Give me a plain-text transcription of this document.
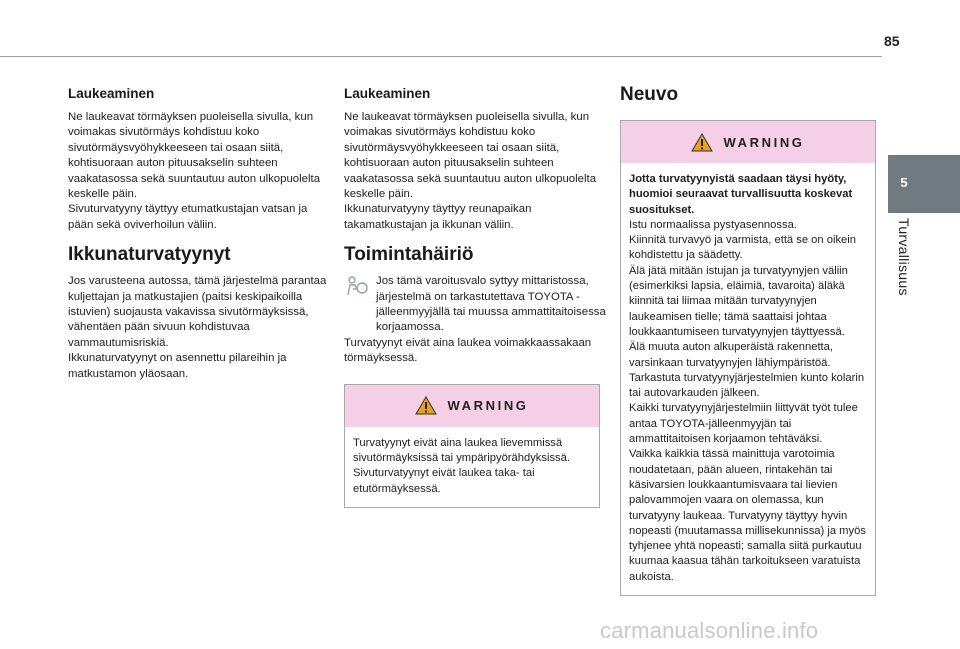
85
5
Turvallisuus
Laukeaminen

Ne laukeavat törmäyksen puoleisella sivulla, kun voimakas sivutörmäys kohdistuu koko sivutörmäysvyöhykkeeseen tai osaan siitä, kohtisuoraan auton pituusakselin suhteen vaakatasossa sekä suuntautuu auton ulkopuolelta keskelle päin.

Sivuturvatyyny täyttyy etumatkustajan vatsan ja pään sekä oviverhoilun väliin.

Ikkunaturvatyynyt

Jos varusteena autossa, tämä järjestelmä parantaa kuljettajan ja matkustajien (paitsi keskipaikoilla istuvien) suojausta vakavissa sivutörmäyksissä, vähentäen pään sivuun kohdistuvaa vammautumisriskiä.

Ikkunaturvatyynyt on asennettu pilareihin ja matkustamon yläosaan.

Laukeaminen

Ne laukeavat törmäyksen puoleisella sivulla, kun voimakas sivutörmäys kohdistuu koko sivutörmäysvyöhykkeeseen tai osaan siitä, kohtisuoraan auton pituusakselin suhteen vaakatasossa sekä suuntautuu auton ulkopuolelta keskelle päin.

Ikkunaturvatyyny täyttyy reunapaikan takamatkustajan ja ikkunan väliin.

Toimintahäiriö

Jos tämä varoitusvalo syttyy mittaristossa, järjestelmä on tarkastutettava TOYOTA -jälleenmyyjällä tai muussa ammattitaitoisessa korjaamossa.

Turvatyynyt eivät aina laukea voimakkaassakaan törmäyksessä.

WARNING

Turvatyynyt eivät aina laukea lievemmissä sivutörmäyksissä tai ympäripyörähdyksissä.

Sivuturvatyynyt eivät laukea taka- tai etutörmäyksessä.

Neuvo
WARNING

Jotta turvatyynyistä saadaan täysi hyöty, huomioi seuraavat turvallisuutta koskevat suositukset.

Istu normaalissa pystyasennossa.

Kiinnitä turvavyö ja varmista, että se on oikein kohdistettu ja säädetty.

Älä jätä mitään istujan ja turvatyynyjen väliin (esimerkiksi lapsia, eläimiä, tavaroita) äläkä kiinnitä tai liimaa mitään turvatyynyjen laukeamisen tielle; tämä saattaisi johtaa loukkaantumiseen turvatyynyjen täyttyessä.

Älä muuta auton alkuperäistä rakennetta, varsinkaan turvatyynyjen lähiympäristöä.

Tarkastuta turvatyynyjärjestelmien kunto kolarin tai autovarkauden jälkeen.

Kaikki turvatyynyjärjestelmiin liittyvät työt tulee antaa TOYOTA-jälleenmyyjän tai ammattitaitoisen korjaamon tehtäväksi.

Vaikka kaikkia tässä mainittuja varotoimia noudatetaan, pään alueen, rintakehän tai käsivarsien loukkaantumisvaara tai lievien palovammojen vaara on olemassa, kun turvatyyny laukeaa. Turvatyyny täyttyy hyvin nopeasti (muutamassa millisekunnissa) ja myös tyhjenee yhtä nopeasti; samalla siitä purkautuu kuumaa kaasua tähän tarkoitukseen varatuista aukoista.

carmanualsonline.info
